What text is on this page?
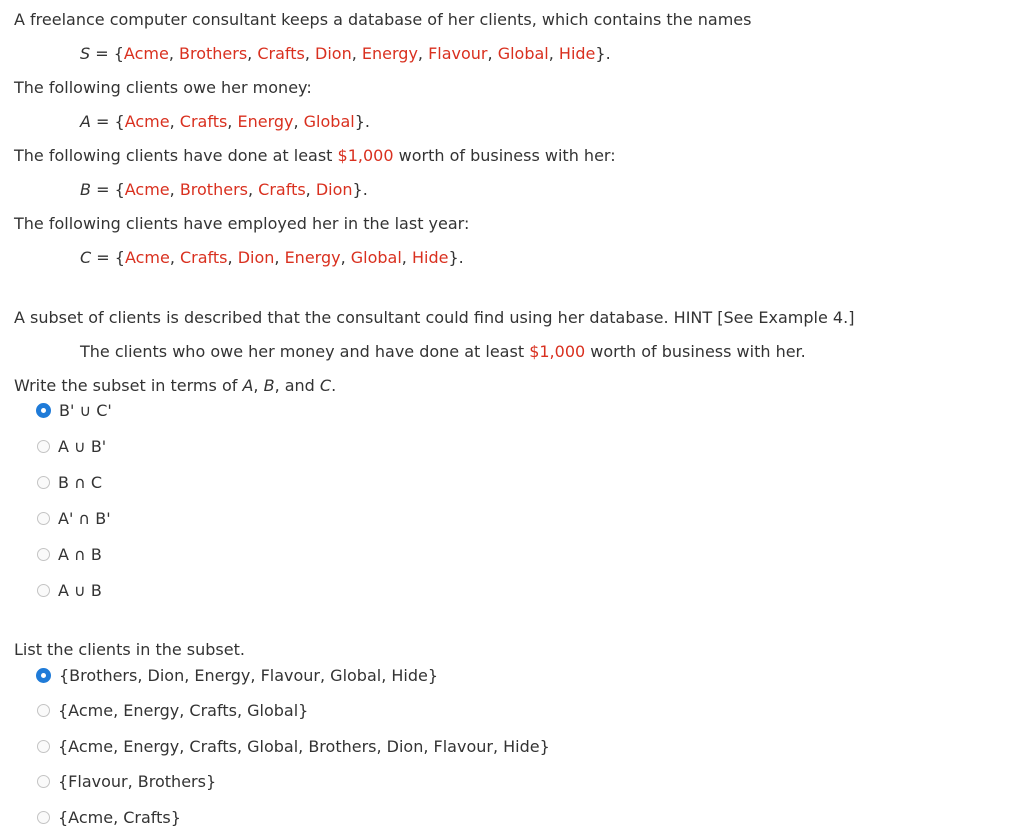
A freelance computer consultant keeps a database of her clients, which contains the names
S = {Acme, Brothers, Crafts, Dion, Energy, Flavour, Global, Hide}.
The following clients owe her money:
A = {Acme, Crafts, Energy, Global}.
The following clients have done at least $1,000 worth of business with her:
B = {Acme, Brothers, Crafts, Dion}.
The following clients have employed her in the last year:
C = {Acme, Crafts, Dion, Energy, Global, Hide}.
A subset of clients is described that the consultant could find using her database. HINT [See Example 4.]
The clients who owe her money and have done at least $1,000 worth of business with her.
Write the subset in terms of A, B, and C.
B' ∪ C'
A ∪ B'
B ∩ C
A' ∩ B'
A ∩ B
A ∪ B
List the clients in the subset.
{Brothers, Dion, Energy, Flavour, Global, Hide}
{Acme, Energy, Crafts, Global}
{Acme, Energy, Crafts, Global, Brothers, Dion, Flavour, Hide}
{Flavour, Brothers}
{Acme, Crafts}
